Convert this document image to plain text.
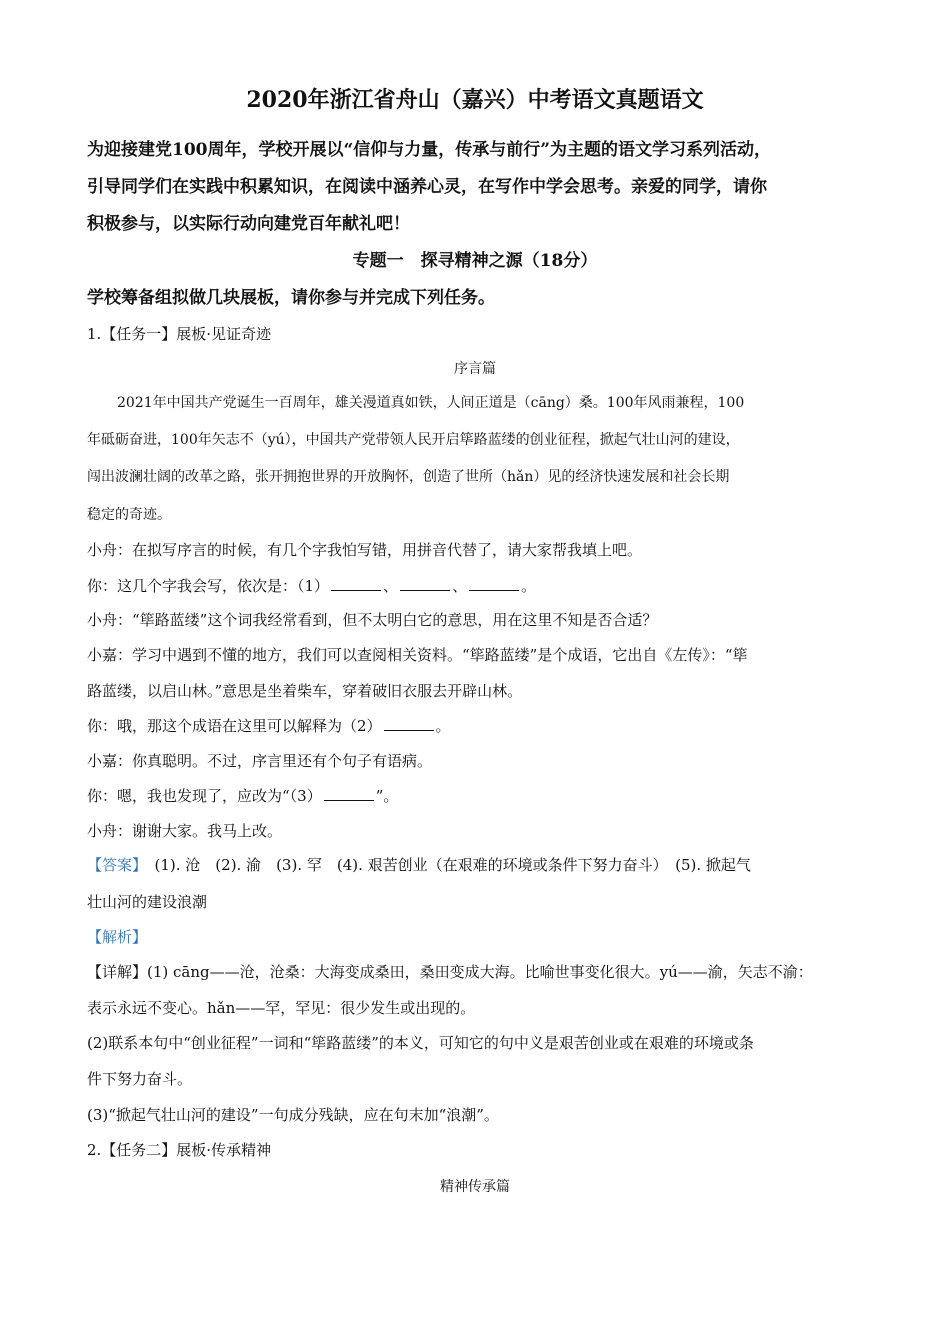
2020年浙江省舟山（嘉兴）中考语文真题语文
为迎接建党100周年，学校开展以“信仰与力量，传承与前行”为主题的语文学习系列活动，
引导同学们在实践中积累知识，在阅读中涵养心灵，在写作中学会思考。亲爱的同学，请你
积极参与，以实际行动向建党百年献礼吧！
专题一　探寻精神之源（18分）
学校筹备组拟做几块展板，请你参与并完成下列任务。
1.【任务一】展板·见证奇迹
序言篇
2021年中国共产党诞生一百周年，雄关漫道真如铁，人间正道是（cāng）桑。100年风雨兼程，100
年砥砺奋进，100年矢志不（yú），中国共产党带领人民开启筚路蓝缕的创业征程，掀起气壮山河的建设，
闯出波澜壮阔的改革之路，张开拥抱世界的开放胸怀，创造了世所（hǎn）见的经济快速发展和社会长期
稳定的奇迹。
小舟：在拟写序言的时候，有几个字我怕写错，用拼音代替了，请大家帮我填上吧。
你：这几个字我会写，依次是：（1）	、	、	。
小舟：“筚路蓝缕”这个词我经常看到，但不太明白它的意思，用在这里不知是否合适？
小嘉：学习中遇到不懂的地方，我们可以查阅相关资料。“筚路蓝缕”是个成语，它出自《左传》：“筚
路蓝缕，以启山林。”意思是坐着柴车，穿着破旧衣服去开辟山林。
你：哦，那这个成语在这里可以解释为（2）	。
小嘉：你真聪明。不过，序言里还有个句子有语病。
你：嗯，我也发现了，应改为“（3）	”。
小舟：谢谢大家。我马上改。
【答案】　(1). 沧　(2). 渝　(3). 罕　(4). 艰苦创业（在艰难的环境或条件下努力奋斗）　(5). 掀起气
壮山河的建设浪潮
【解析】
【详解】(1) cāng——沧，沧桑：大海变成桑田，桑田变成大海。比喻世事变化很大。yú——渝，矢志不渝：
表示永远不变心。hǎn——罕，罕见：很少发生或出现的。
(2)联系本句中“创业征程”一词和“筚路蓝缕”的本义，可知它的句中义是艰苦创业或在艰难的环境或条
件下努力奋斗。
(3)“掀起气壮山河的建设”一句成分残缺，应在句末加“浪潮”。
2.【任务二】展板·传承精神
精神传承篇
